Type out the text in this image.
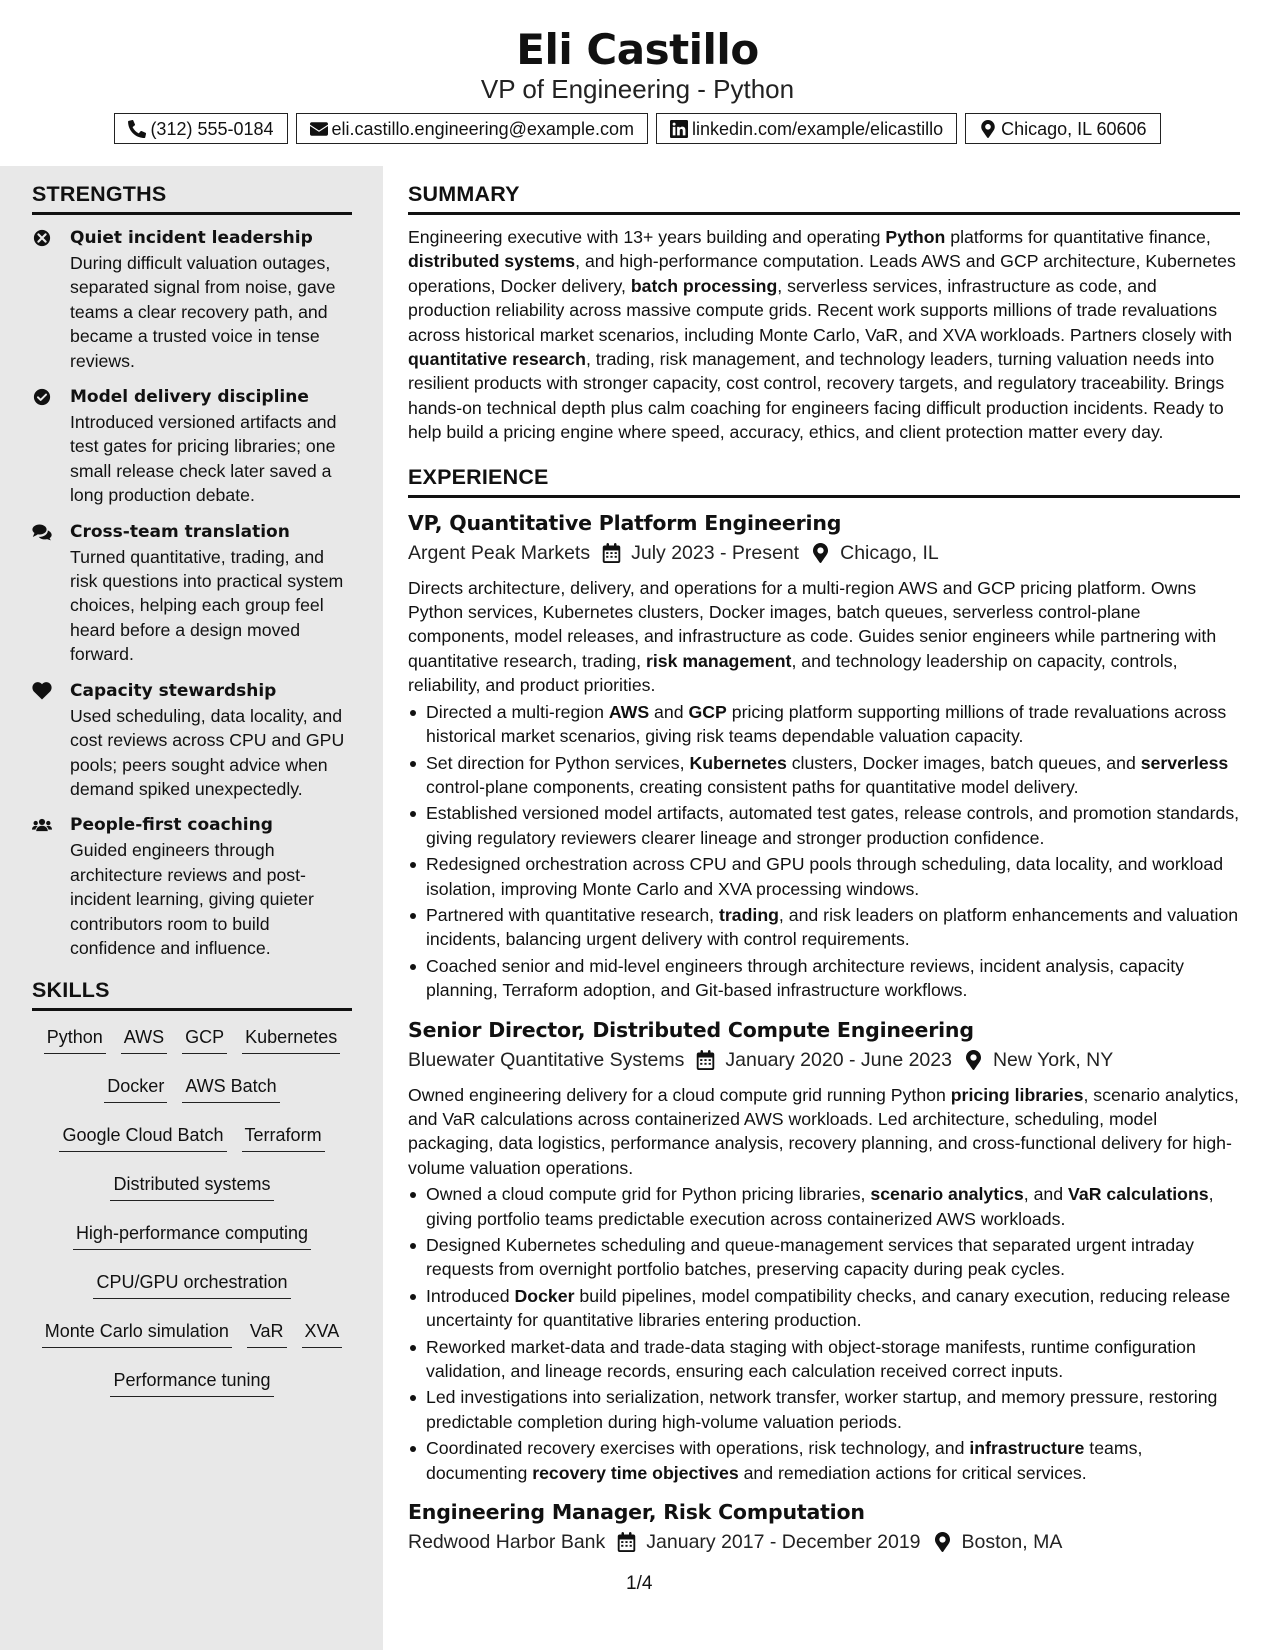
Eli Castillo
VP of Engineering - Python
(312) 555-0184	eli.castillo.engineering@example.com	linkedin.com/example/elicastillo	Chicago, IL 60606
STRENGTHS
Quiet incident leadership
During difficult valuation outages, separated signal from noise, gave teams a clear recovery path, and became a trusted voice in tense reviews.
Model delivery discipline
Introduced versioned artifacts and test gates for pricing libraries; one small release check later saved a long production debate.
Cross-team translation
Turned quantitative, trading, and risk questions into practical system choices, helping each group feel heard before a design moved forward.
Capacity stewardship
Used scheduling, data locality, and cost reviews across CPU and GPU pools; peers sought advice when demand spiked unexpectedly.
People-first coaching
Guided engineers through architecture reviews and post-incident learning, giving quieter contributors room to build confidence and influence.
SKILLS
Python AWS GCP Kubernetes
Docker AWS Batch
Google Cloud Batch Terraform
Distributed systems
High-performance computing
CPU/GPU orchestration
Monte Carlo simulation VaR XVA
Performance tuning
SUMMARY

Engineering executive with 13+ years building and operating Python platforms for quantitative finance, distributed systems, and high-performance computation. Leads AWS and GCP architecture, Kubernetes operations, Docker delivery, batch processing, serverless services, infrastructure as code, and production reliability across massive compute grids. Recent work supports millions of trade revaluations across historical market scenarios, including Monte Carlo, VaR, and XVA workloads. Partners closely with quantitative research, trading, risk management, and technology leaders, turning valuation needs into resilient products with stronger capacity, cost control, recovery targets, and regulatory traceability. Brings hands-on technical depth plus calm coaching for engineers facing difficult production incidents. Ready to help build a pricing engine where speed, accuracy, ethics, and client protection matter every day.

EXPERIENCE
VP, Quantitative Platform Engineering
Argent Peak Markets July 2023 - Present Chicago, IL

Directs architecture, delivery, and operations for a multi-region AWS and GCP pricing platform. Owns Python services, Kubernetes clusters, Docker images, batch queues, serverless control-plane components, model releases, and infrastructure as code. Guides senior engineers while partnering with quantitative research, trading, risk management, and technology leadership on capacity, controls, reliability, and product priorities.

Directed a multi-region AWS and GCP pricing platform supporting millions of trade revaluations across historical market scenarios, giving risk teams dependable valuation capacity.
Set direction for Python services, Kubernetes clusters, Docker images, batch queues, and serverless control-plane components, creating consistent paths for quantitative model delivery.
Established versioned model artifacts, automated test gates, release controls, and promotion standards, giving regulatory reviewers clearer lineage and stronger production confidence.
Redesigned orchestration across CPU and GPU pools through scheduling, data locality, and workload isolation, improving Monte Carlo and XVA processing windows.
Partnered with quantitative research, trading, and risk leaders on platform enhancements and valuation incidents, balancing urgent delivery with control requirements.
Coached senior and mid-level engineers through architecture reviews, incident analysis, capacity planning, Terraform adoption, and Git-based infrastructure workflows.
Senior Director, Distributed Compute Engineering
Bluewater Quantitative Systems January 2020 - June 2023 New York, NY

Owned engineering delivery for a cloud compute grid running Python pricing libraries, scenario analytics, and VaR calculations across containerized AWS workloads. Led architecture, scheduling, model packaging, data logistics, performance analysis, recovery planning, and cross-functional delivery for high-volume valuation operations.

Owned a cloud compute grid for Python pricing libraries, scenario analytics, and VaR calculations, giving portfolio teams predictable execution across containerized AWS workloads.
Designed Kubernetes scheduling and queue-management services that separated urgent intraday requests from overnight portfolio batches, preserving capacity during peak cycles.
Introduced Docker build pipelines, model compatibility checks, and canary execution, reducing release uncertainty for quantitative libraries entering production.
Reworked market-data and trade-data staging with object-storage manifests, runtime configuration validation, and lineage records, ensuring each calculation received correct inputs.
Led investigations into serialization, network transfer, worker startup, and memory pressure, restoring predictable completion during high-volume valuation periods.
Coordinated recovery exercises with operations, risk technology, and infrastructure teams, documenting recovery time objectives and remediation actions for critical services.
Engineering Manager, Risk Computation
Redwood Harbor Bank January 2017 - December 2019 Boston, MA
1/4
